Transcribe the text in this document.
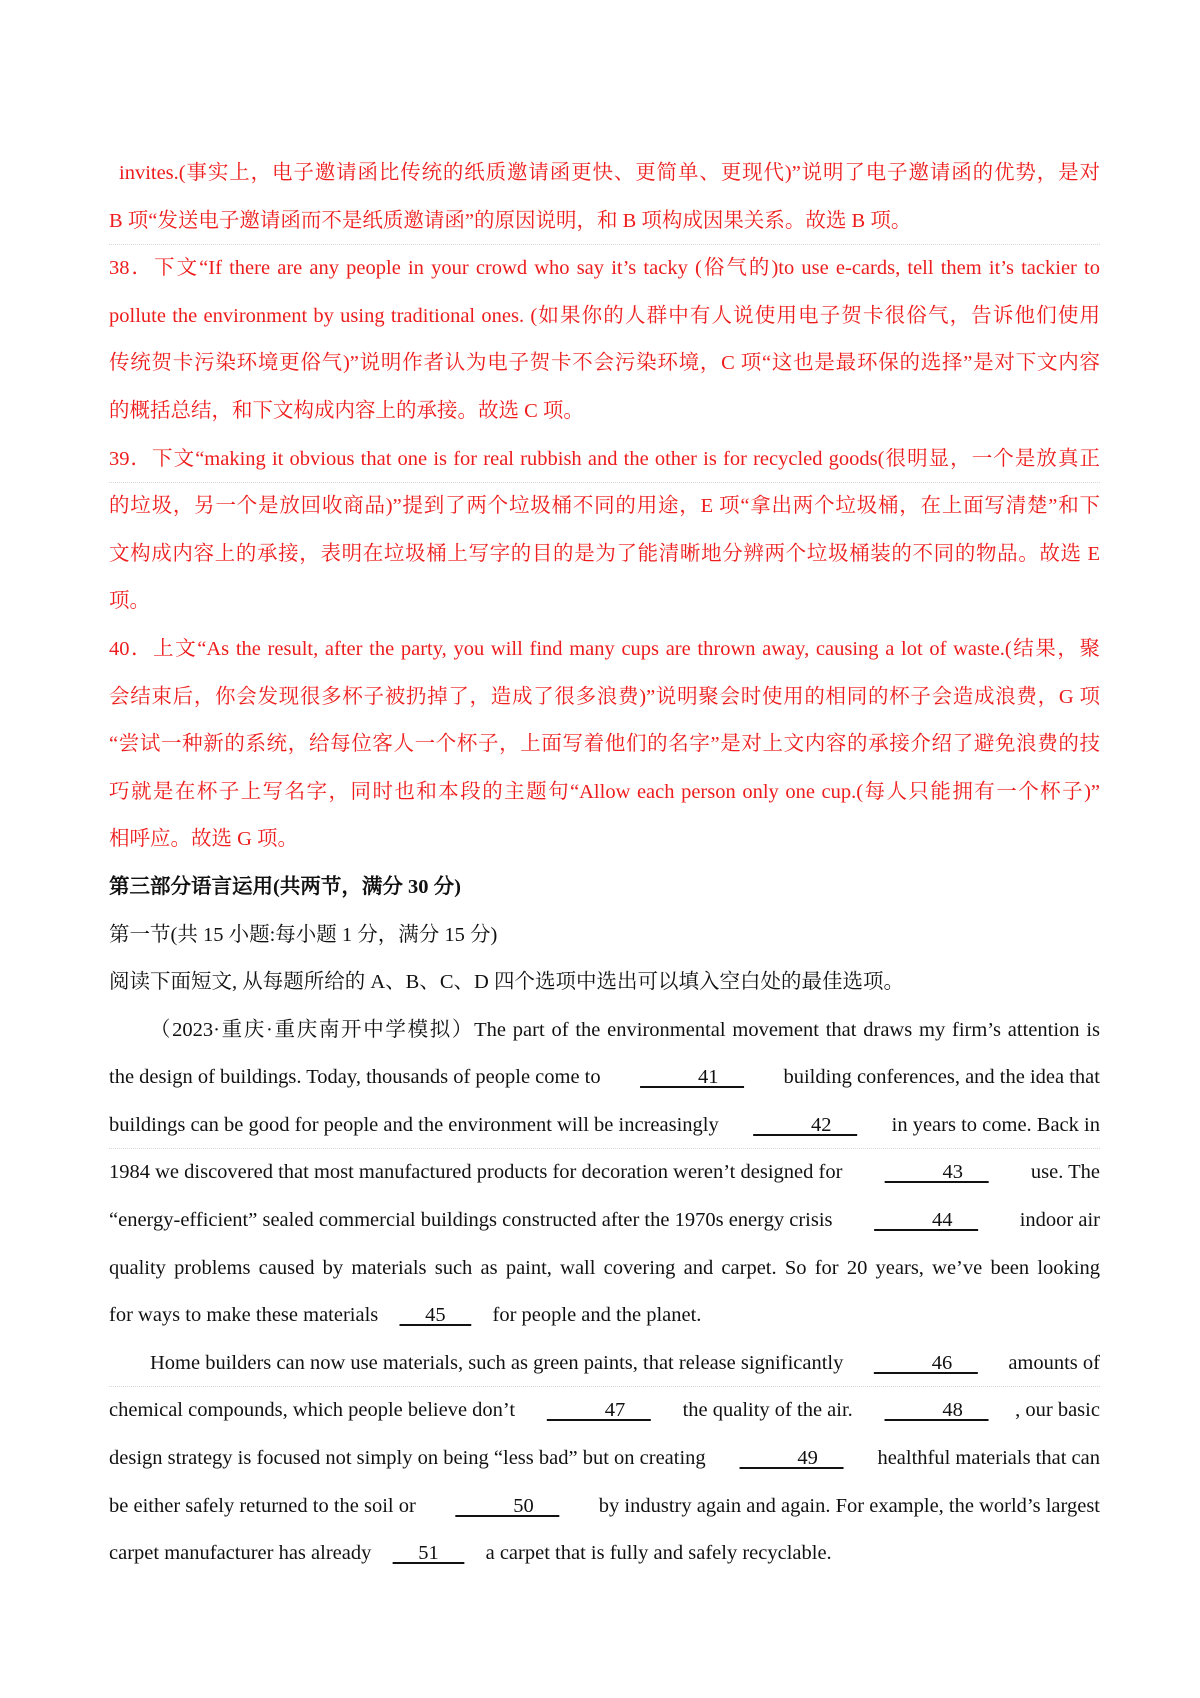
invites.(事实上，电子邀请函比传统的纸质邀请函更快、更简单、更现代)”说明了电子邀请函的优势，是对
B 项“发送电子邀请函而不是纸质邀请函”的原因说明，和 B 项构成因果关系。故选 B 项。
38．下文“If there are any people in your crowd who say it’s tacky (俗气的)to use e-cards, tell them it’s tackier to
pollute the environment by using traditional ones. (如果你的人群中有人说使用电子贺卡很俗气，告诉他们使用
传统贺卡污染环境更俗气)”说明作者认为电子贺卡不会污染环境，C 项“这也是最环保的选择”是对下文内容
的概括总结，和下文构成内容上的承接。故选 C 项。
39．下文“making it obvious that one is for real rubbish and the other is for recycled goods(很明显，一个是放真正
的垃圾，另一个是放回收商品)”提到了两个垃圾桶不同的用途，E 项“拿出两个垃圾桶，在上面写清楚”和下
文构成内容上的承接，表明在垃圾桶上写字的目的是为了能清晰地分辨两个垃圾桶装的不同的物品。故选 E
项。
40．上文“As the result, after the party, you will find many cups are thrown away, causing a lot of waste.(结果，聚
会结束后，你会发现很多杯子被扔掉了，造成了很多浪费)”说明聚会时使用的相同的杯子会造成浪费，G 项
“尝试一种新的系统，给每位客人一个杯子，上面写着他们的名字”是对上文内容的承接介绍了避免浪费的技
巧就是在杯子上写名字，同时也和本段的主题句“Allow each person only one cup.(每人只能拥有一个杯子)”
相呼应。故选 G 项。
第三部分语言运用(共两节，满分 30 分)
第一节(共 15 小题:每小题 1 分，满分 15 分)
阅读下面短文, 从每题所给的 A、B、C、D 四个选项中选出可以填入空白处的最佳选项。
（2023·重庆·重庆南开中学模拟）The part of the environmental movement that draws my firm’s attention is
the design of buildings. Today, thousands of people come to 41 building conferences, and the idea that
buildings can be good for people and the environment will be increasingly 42 in years to come. Back in
1984 we discovered that most manufactured products for decoration weren’t designed for 43 use. The
“energy-efficient” sealed commercial buildings constructed after the 1970s energy crisis 44 indoor air
quality problems caused by materials such as paint, wall covering and carpet. So for 20 years, we’ve been looking
for ways to make these materials      45      for people and the planet.
Home builders can now use materials, such as green paints, that release significantly 46 amounts of
chemical compounds, which people believe don’t 47 the quality of the air. 48 , our basic
design strategy is focused not simply on being “less bad” but on creating 49 healthful materials that can
be either safely returned to the soil or 50 by industry again and again. For example, the world’s largest
carpet manufacturer has already      51      a carpet that is fully and safely recyclable.
